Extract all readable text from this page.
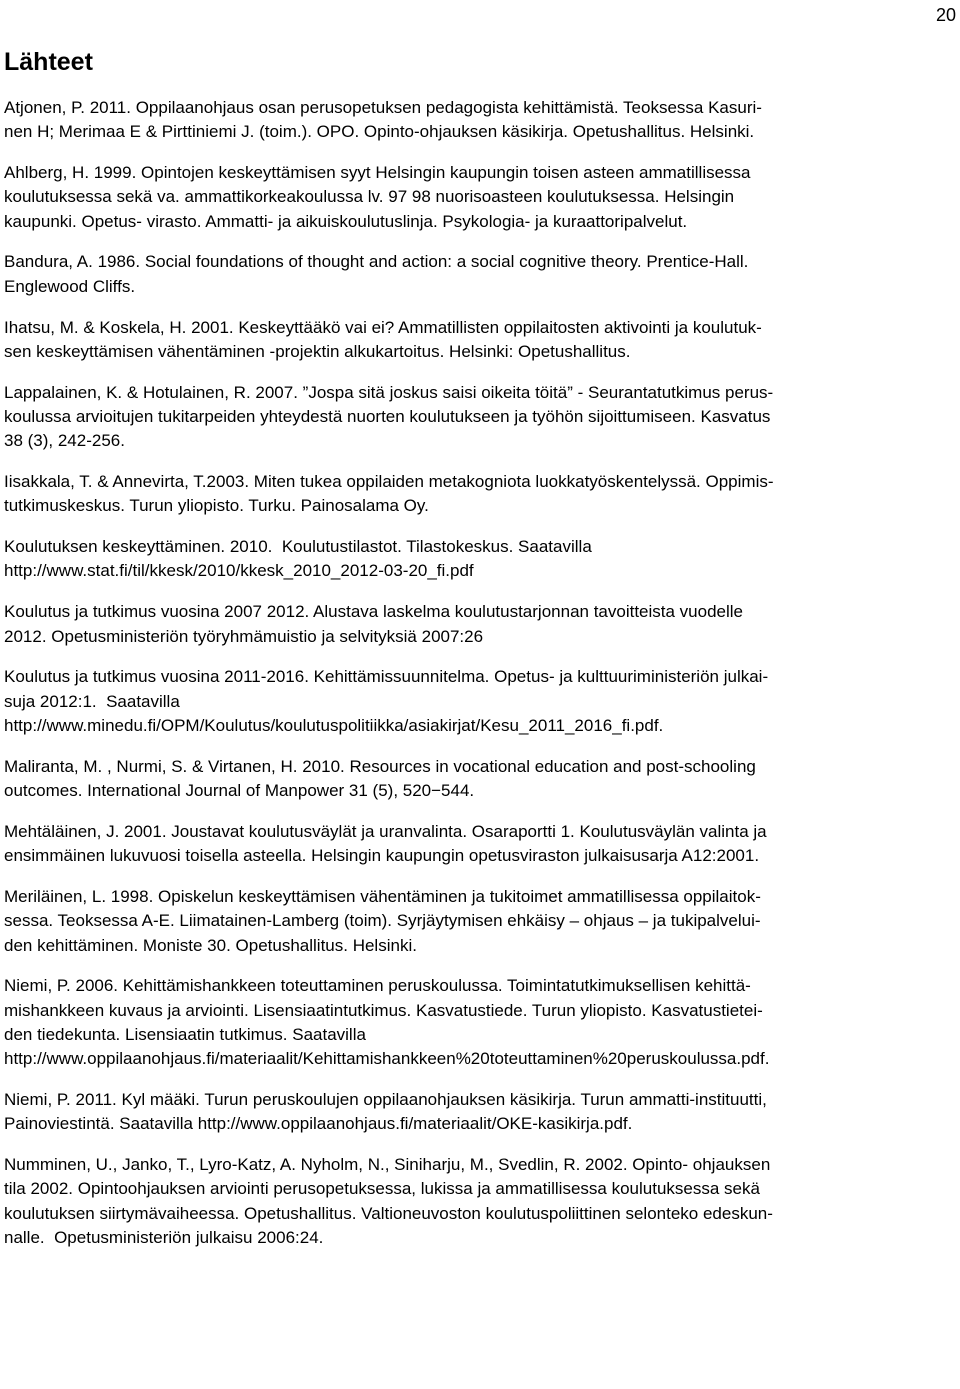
20
Lähteet

Atjonen, P. 2011. Oppilaanohjaus osan perusopetuksen pedagogista kehittämistä. Teoksessa Kasuri-
nen H; Merimaa E & Pirttiniemi J. (toim.). OPO. Opinto-ohjauksen käsikirja. Opetushallitus. Helsinki.

Ahlberg, H. 1999. Opintojen keskeyttämisen syyt Helsingin kaupungin toisen asteen ammatillisessa
koulutuksessa sekä va. ammattikorkeakoulussa lv. 97 98 nuorisoasteen koulutuksessa. Helsingin
kaupunki. Opetus- virasto. Ammatti- ja aikuiskoulutuslinja. Psykologia- ja kuraattoripalvelut.

Bandura, A. 1986. Social foundations of thought and action: a social cognitive theory. Prentice-Hall.
Englewood Cliffs.

Ihatsu, M. & Koskela, H. 2001. Keskeyttääkö vai ei? Ammatillisten oppilaitosten aktivointi ja koulutuk-
sen keskeyttämisen vähentäminen -projektin alkukartoitus. Helsinki: Opetushallitus.

Lappalainen, K. & Hotulainen, R. 2007. ”Jospa sitä joskus saisi oikeita töitä” - Seurantatutkimus perus-
koulussa arvioitujen tukitarpeiden yhteydestä nuorten koulutukseen ja työhön sijoittumiseen. Kasvatus
38 (3), 242-256.

Iisakkala, T. & Annevirta, T.2003. Miten tukea oppilaiden metakogniota luokkatyöskentelyssä. Oppimis-
tutkimuskeskus. Turun yliopisto. Turku. Painosalama Oy.

Koulutuksen keskeyttäminen. 2010.  Koulutustilastot. Tilastokeskus. Saatavilla
http://www.stat.fi/til/kkesk/2010/kkesk_2010_2012-03-20_fi.pdf

Koulutus ja tutkimus vuosina 2007 2012. Alustava laskelma koulutustarjonnan tavoitteista vuodelle
2012. Opetusministeriön työryhmämuistio ja selvityksiä 2007:26

Koulutus ja tutkimus vuosina 2011-2016. Kehittämissuunnitelma. Opetus- ja kulttuuriministeriön julkai-
suja 2012:1.  Saatavilla
http://www.minedu.fi/OPM/Koulutus/koulutuspolitiikka/asiakirjat/Kesu_2011_2016_fi.pdf.

Maliranta, M. , Nurmi, S. & Virtanen, H. 2010. Resources in vocational education and post-schooling
outcomes. International Journal of Manpower 31 (5), 520−544.

Mehtäläinen, J. 2001. Joustavat koulutusväylät ja uranvalinta. Osaraportti 1. Koulutusväylän valinta ja
ensimmäinen lukuvuosi toisella asteella. Helsingin kaupungin opetusviraston julkaisusarja A12:2001.

Meriläinen, L. 1998. Opiskelun keskeyttämisen vähentäminen ja tukitoimet ammatillisessa oppilaitok-
sessa. Teoksessa A-E. Liimatainen-Lamberg (toim). Syrjäytymisen ehkäisy – ohjaus – ja tukipalvelui-
den kehittäminen. Moniste 30. Opetushallitus. Helsinki.

Niemi, P. 2006. Kehittämishankkeen toteuttaminen peruskoulussa. Toimintatutkimuksellisen kehittä-
mishankkeen kuvaus ja arviointi. Lisensiaatintutkimus. Kasvatustiede. Turun yliopisto. Kasvatustietei-
den tiedekunta. Lisensiaatin tutkimus. Saatavilla
http://www.oppilaanohjaus.fi/materiaalit/Kehittamishankkeen%20toteuttaminen%20peruskoulussa.pdf.

Niemi, P. 2011. Kyl määki. Turun peruskoulujen oppilaanohjauksen käsikirja. Turun ammatti-instituutti,
Painoviestintä. Saatavilla http://www.oppilaanohjaus.fi/materiaalit/OKE-kasikirja.pdf.

Numminen, U., Janko, T., Lyro-Katz, A. Nyholm, N., Siniharju, M., Svedlin, R. 2002. Opinto- ohjauksen
tila 2002. Opintoohjauksen arviointi perusopetuksessa, lukissa ja ammatillisessa koulutuksessa sekä
koulutuksen siirtymävaiheessa. Opetushallitus. Valtioneuvoston koulutuspoliittinen selonteko edeskun-
nalle.  Opetusministeriön julkaisu 2006:24.
